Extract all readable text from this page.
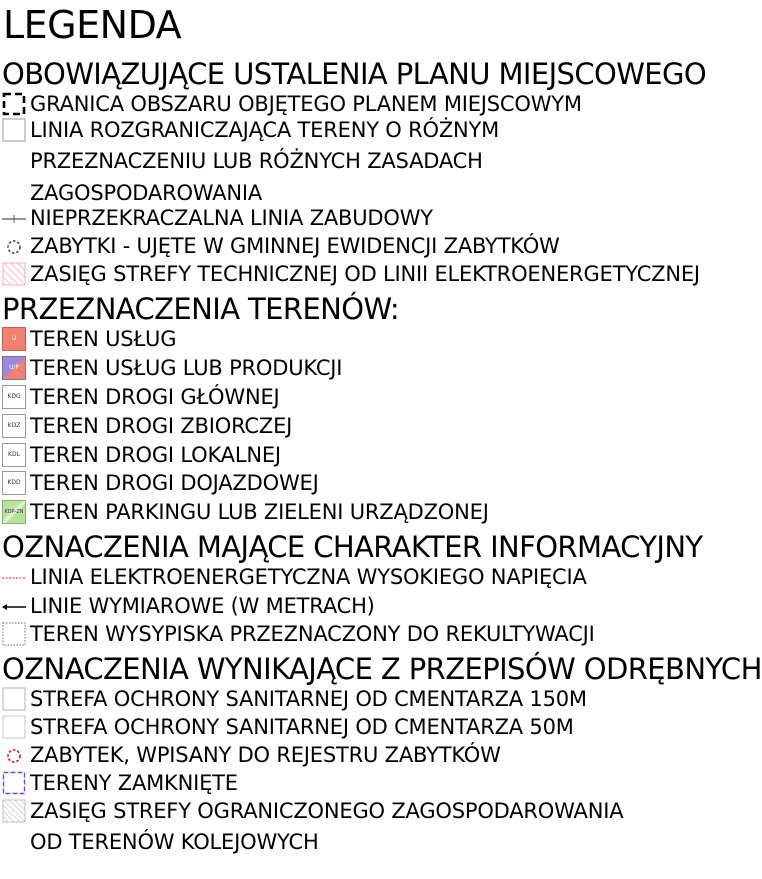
LEGENDA
OBOWIĄZUJĄCE USTALENIA PLANU MIEJSCOWEGO
GRANICA OBSZARU OBJĘTEGO PLANEM MIEJSCOWYM
LINIA ROZGRANICZAJĄCA TERENY O RÓŻNYM
PRZEZNACZENIU LUB RÓŻNYCH ZASADACH
ZAGOSPODAROWANIA
NIEPRZEKRACZALNA LINIA ZABUDOWY
ZABYTKI - UJĘTE W GMINNEJ EWIDENCJI ZABYTKÓW
ZASIĘG STREFY TECHNICZNEJ OD LINII ELEKTROENERGETYCZNEJ
PRZEZNACZENIA TERENÓW:
U TEREN USŁUG
U/P TEREN USŁUG LUB PRODUKCJI
KDG TEREN DROGI GŁÓWNEJ
KDZ TEREN DROGI ZBIORCZEJ
KDL TEREN DROGI LOKALNEJ
KDD TEREN DROGI DOJAZDOWEJ
KDP-ZN TEREN PARKINGU LUB ZIELENI URZĄDZONEJ
OZNACZENIA MAJĄCE CHARAKTER INFORMACYJNY
LINIA ELEKTROENERGETYCZNA WYSOKIEGO NAPIĘCIA
LINIE WYMIAROWE (W METRACH)
TEREN WYSYPISKA PRZEZNACZONY DO REKULTYWACJI
OZNACZENIA WYNIKAJĄCE Z PRZEPISÓW ODRĘBNYCH
STREFA OCHRONY SANITARNEJ OD CMENTARZA 150M
STREFA OCHRONY SANITARNEJ OD CMENTARZA 50M
ZABYTEK, WPISANY DO REJESTRU ZABYTKÓW
TERENY ZAMKNIĘTE
ZASIĘG STREFY OGRANICZONEGO ZAGOSPODAROWANIA
OD TERENÓW KOLEJOWYCH
